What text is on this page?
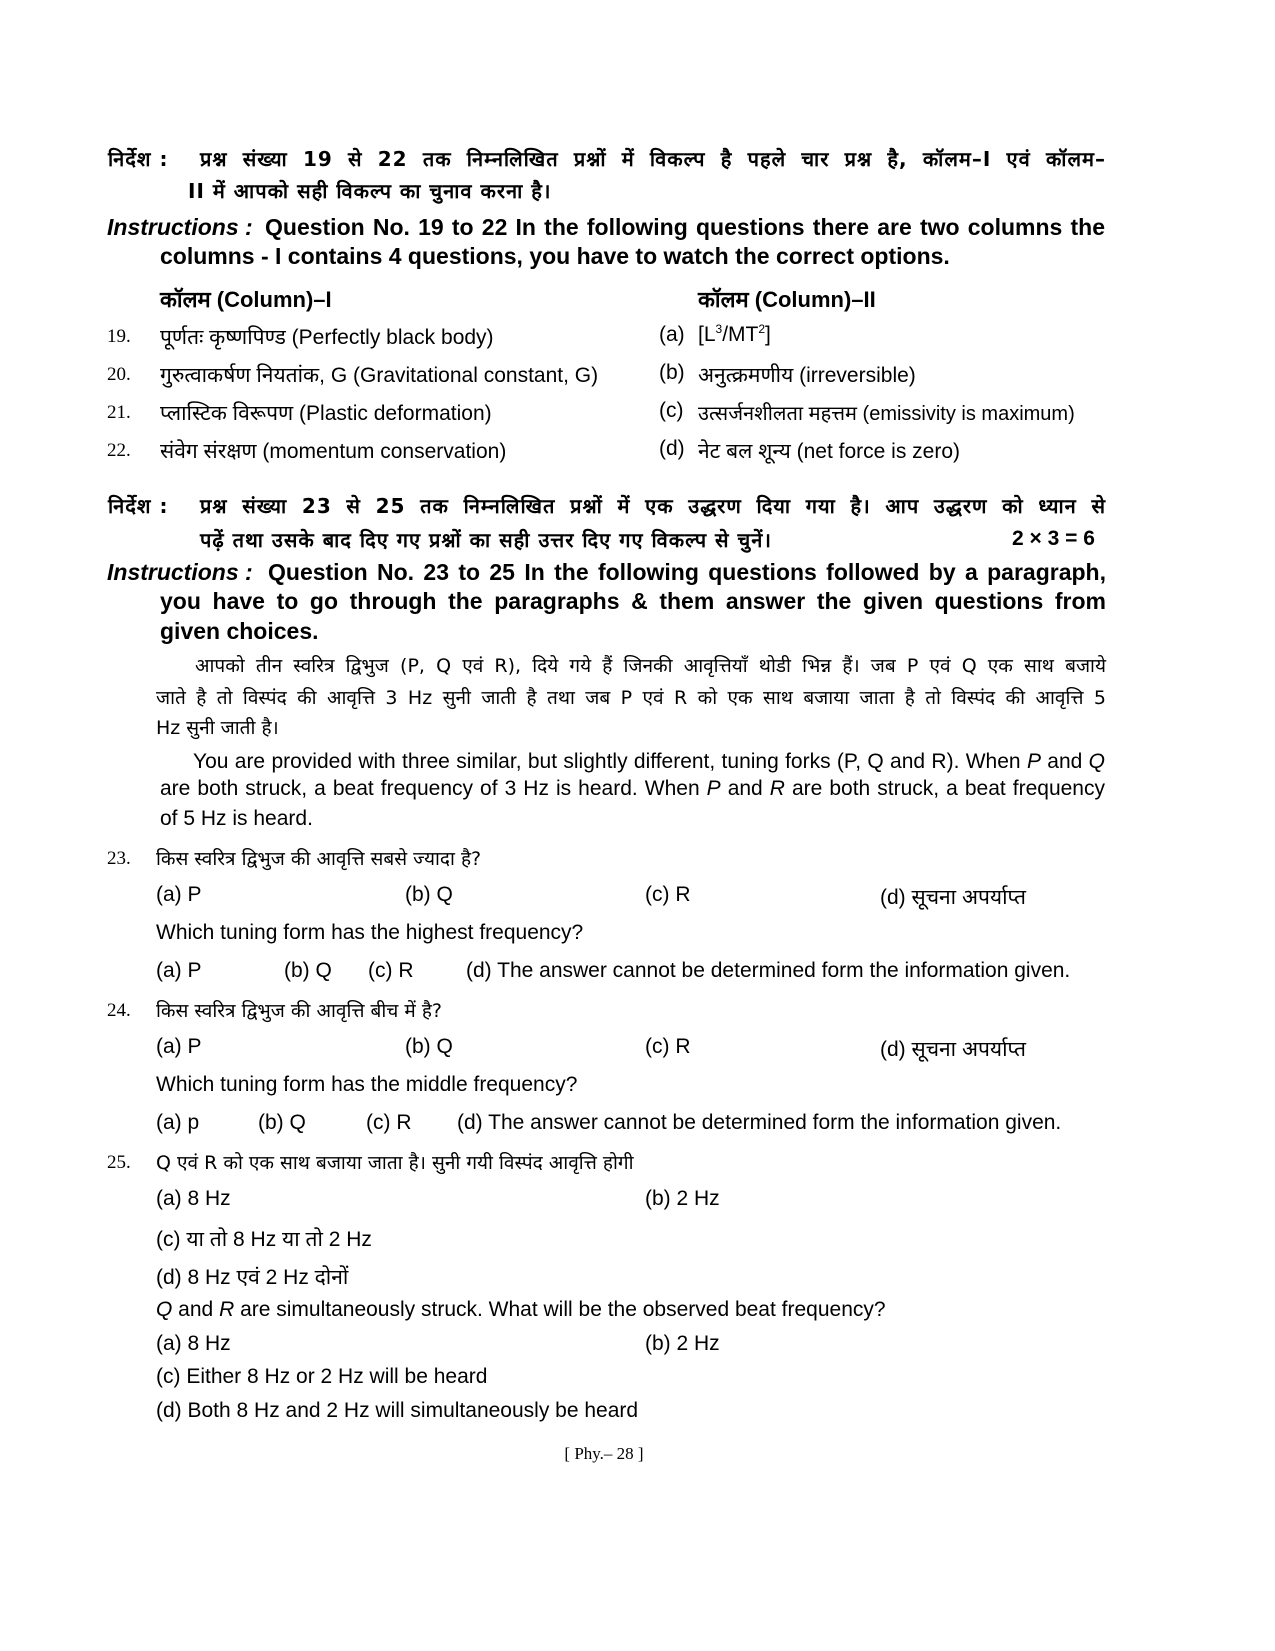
निर्देश : प्रश्न संख्या 19 से 22 तक निम्नलिखित प्रश्नों में विकल्प है पहले चार प्रश्न है, कॉलम–I एवं कॉलम–
II में आपको सही विकल्प का चुनाव करना है।
Instructions : Question No. 19 to 22 In the following questions there are two columns the
columns - I contains 4 questions, you have to watch the correct options.
कॉलम (Column)–I	कॉलम (Column)–II
19. पूर्णतः कृष्णपिण्ड (Perfectly black body)	(a) $[L^3/MT^2]$
20. गुरुत्वाकर्षण नियतांक, G (Gravitational constant, G)	(b) अनुत्क्रमणीय (irreversible)
21. प्लास्टिक विरूपण (Plastic deformation)	(c) उत्सर्जनशीलता महत्तम (emissivity is maximum)
22. संवेग संरक्षण (momentum conservation)	(d) नेट बल शून्य (net force is zero)
निर्देश : प्रश्न संख्या 23 से 25 तक निम्नलिखित प्रश्नों में एक उद्धरण दिया गया है। आप उद्धरण को ध्यान से
पढ़ें तथा उसके बाद दिए गए प्रश्नों का सही उत्तर दिए गए विकल्प से चुनें।	2 × 3 = 6
Instructions : Question No. 23 to 25 In the following questions followed by a paragraph,
you have to go through the paragraphs & them answer the given questions from
given choices.
आपको तीन स्वरित्र द्विभुज (P, Q एवं R), दिये गये हैं जिनकी आवृत्तियाँ थोडी भिन्न हैं। जब P एवं Q एक साथ बजाये
जाते है तो विस्पंद की आवृत्ति 3 Hz सुनी जाती है तथा जब P एवं R को एक साथ बजाया जाता है तो विस्पंद की आवृत्ति 5
Hz सुनी जाती है।
You are provided with three similar, but slightly different, tuning forks (P, Q and R). When P and Q
are both struck, a beat frequency of 3 Hz is heard. When P and R are both struck, a beat frequency
of 5 Hz is heard.
23. किस स्वरित्र द्विभुज की आवृत्ति सबसे ज्यादा है?
(a) P	(b) Q	(c) R	(d) सूचना अपर्याप्त
Which tuning form has the highest frequency?
(a) P	(b) Q (c) R	(d) The answer cannot be determined form the information given.
24. किस स्वरित्र द्विभुज की आवृत्ति बीच में है?
(a) P	(b) Q	(c) R	(d) सूचना अपर्याप्त
Which tuning form has the middle frequency?
(a) p	(b) Q	(c) R (d) The answer cannot be determined form the information given.
25. Q एवं R को एक साथ बजाया जाता है। सुनी गयी विस्पंद आवृत्ति होगी
(a) 8 Hz	(b) 2 Hz
(c) या तो 8 Hz या तो 2 Hz
(d) 8 Hz एवं 2 Hz दोनों
Q and R are simultaneously struck. What will be the observed beat frequency?
(a) 8 Hz	(b) 2 Hz
(c) Either 8 Hz or 2 Hz will be heard
(d) Both 8 Hz and 2 Hz will simultaneously be heard
[ Phy.– 28 ]
